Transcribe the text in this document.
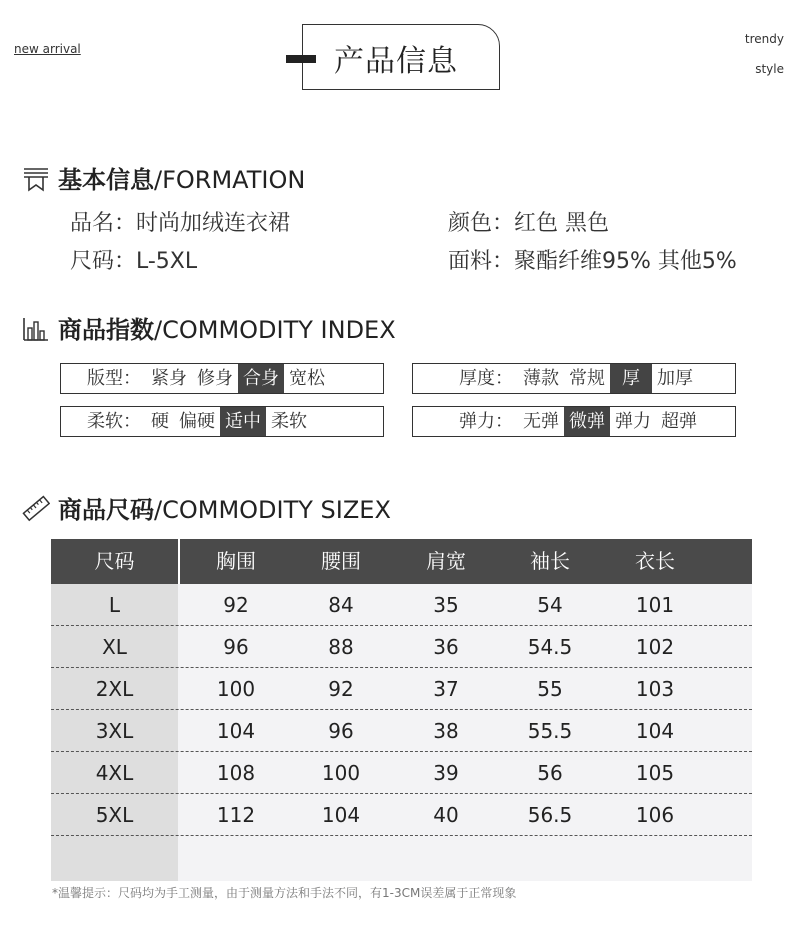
new arrival	产品信息
trendy
style
基本信息/FORMATION
品名：时尚加绒连衣裙	颜色：红色 黑色
尺码：L-5XL	面料：聚酯纤维95% 其他5%
商品指数/COMMODITY INDEX
版型： 紧身 修身 合身 宽松	厚度： 薄款 常规 厚 加厚
柔软： 硬 偏硬 适中 柔软	弹力： 无弹 微弹 弹力 超弹
商品尺码/COMMODITY SIZEX
尺码	胸围	腰围	肩宽	袖长	衣长
L	92	84	35	54	101
XL	96	88	36	54.5	102
2XL	100	92	37	55	103
3XL	104	96	38	55.5	104
4XL	108	100	39	56	105
5XL	112	104	40	56.5	106
*温馨提示：尺码均为手工测量，由于测量方法和手法不同，有1-3CM误差属于正常现象
